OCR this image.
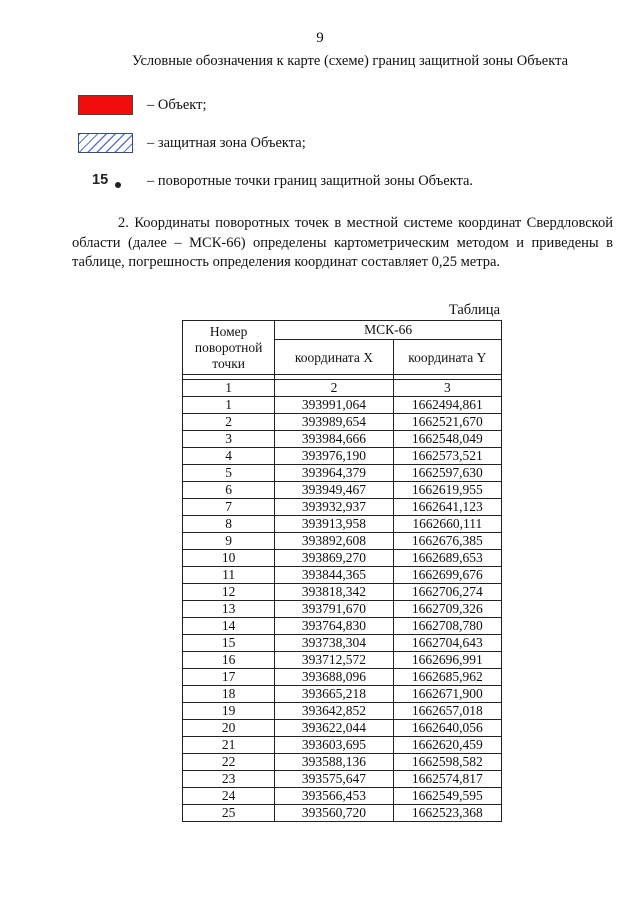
9
Условные обозначения к карте (схеме) границ защитной зоны Объекта
– Объект;
– защитная зона Объекта;
15	– поворотные точки границ защитной зоны Объекта.
2. Координаты поворотных точек в местной системе координат Свердловской области (далее – МСК-66) определены картометрическим методом и приведены в таблице, погрешность определения координат составляет 0,25 метра.
Таблица
Номер поворотной точки	МСК-66	
	координата X	координата Y

1	2	3
1	393991,064	1662494,861
2	393989,654	1662521,670
3	393984,666	1662548,049
4	393976,190	1662573,521
5	393964,379	1662597,630
6	393949,467	1662619,955
7	393932,937	1662641,123
8	393913,958	1662660,111
9	393892,608	1662676,385
10	393869,270	1662689,653
11	393844,365	1662699,676
12	393818,342	1662706,274
13	393791,670	1662709,326
14	393764,830	1662708,780
15	393738,304	1662704,643
16	393712,572	1662696,991
17	393688,096	1662685,962
18	393665,218	1662671,900
19	393642,852	1662657,018
20	393622,044	1662640,056
21	393603,695	1662620,459
22	393588,136	1662598,582
23	393575,647	1662574,817
24	393566,453	1662549,595
25	393560,720	1662523,368
